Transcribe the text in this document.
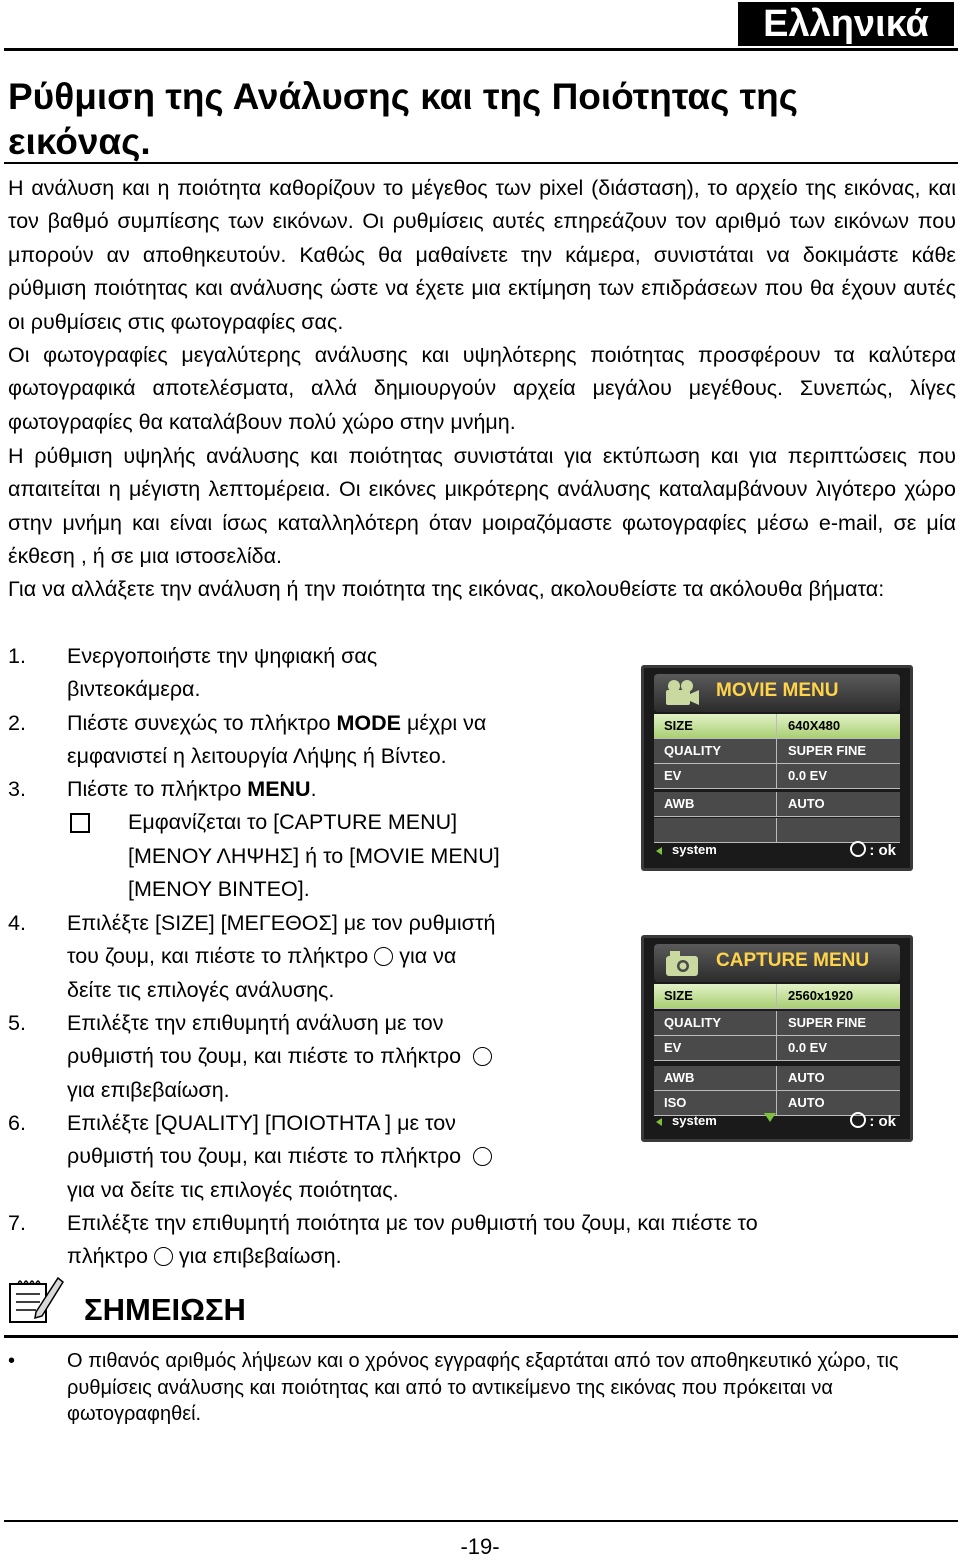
Ελληνικά
Ρύθμιση της Ανάλυσης και της Ποιότητας της εικόνας.

Η ανάλυση και η ποιότητα καθορίζουν το μέγεθος των pixel (διάσταση), το αρχείο της εικόνας, και τον βαθμό συμπίεσης των εικόνων. Οι ρυθμίσεις αυτές επηρεάζουν τον αριθμό των εικόνων που μπορούν αν αποθηκευτούν. Καθώς θα μαθαίνετε την κάμερα, συνιστάται να δοκιμάστε κάθε ρύθμιση ποιότητας και ανάλυσης ώστε να έχετε μια εκτίμηση των επιδράσεων που θα έχουν αυτές οι ρυθμίσεις στις φωτογραφίες σας.

Οι φωτογραφίες μεγαλύτερης ανάλυσης και υψηλότερης ποιότητας προσφέρουν τα καλύτερα φωτογραφικά αποτελέσματα, αλλά δημιουργούν αρχεία μεγάλου μεγέθους. Συνεπώς, λίγες φωτογραφίες θα καταλάβουν πολύ χώρο στην μνήμη.

Η ρύθμιση υψηλής ανάλυσης και ποιότητας συνιστάται για εκτύπωση και για περιπτώσεις που απαιτείται η μέγιστη λεπτομέρεια. Οι εικόνες μικρότερης ανάλυσης καταλαμβάνουν λιγότερο χώρο στην μνήμη και είναι ίσως καταλληλότερη όταν μοιραζόμαστε φωτογραφίες μέσω e-mail, σε μία έκθεση , ή σε μια ιστοσελίδα.

Για να αλλάξετε την ανάλυση ή την ποιότητα της εικόνας, ακολουθείστε τα ακόλουθα βήματα:

1. Ενεργοποιήστε την ψηφιακή σας
βιντεοκάμερα.
2. Πιέστε συνεχώς το πλήκτρο MODE μέχρι να
εμφανιστεί η λειτουργία Λήψης ή Βίντεο.
3. Πιέστε το πλήκτρο MENU.
Εμφανίζεται το [CAPTURE MENU]
[ΜΕΝΟΥ ΛΗΨΗΣ] ή το [MOVIE MENU]
[ΜΕΝΟΥ ΒΙΝΤΕΟ].
4. Επιλέξτε [SIZE] [ΜΕΓΕΘΟΣ] με τον ρυθμιστή
του ζουμ, και πιέστε το πλήκτρο  για να
δείτε τις επιλογές ανάλυσης.
5. Επιλέξτε την επιθυμητή ανάλυση με τον
ρυθμιστή του ζουμ, και πιέστε το πλήκτρο
για επιβεβαίωση.
6. Επιλέξτε [QUALITY] [ΠΟΙΟΤΗΤΑ ] με τον
ρυθμιστή του ζουμ, και πιέστε το πλήκτρο
για να δείτε τις επιλογές ποιότητας.
7. Επιλέξτε την επιθυμητή ποιότητα με τον ρυθμιστή του ζουμ, και πιέστε το
πλήκτρο  για επιβεβαίωση.
MOVIE MENU
SIZE	640X480
QUALITY	SUPER FINE
EV	0.0 EV
AWB	AUTO
system	: ok
CAPTURE MENU
SIZE	2560x1920
QUALITY	SUPER FINE
EV	0.0 EV
AWB	AUTO
ISO	AUTO
system	: ok
ΣΗΜΕΙΩΣΗ
•	Ο πιθανός αριθμός λήψεων και ο χρόνος εγγραφής εξαρτάται από τον αποθηκευτικό χώρο, τις ρυθμίσεις ανάλυσης και ποιότητας και από το αντικείμενο της εικόνας που πρόκειται να φωτογραφηθεί.
-19-
